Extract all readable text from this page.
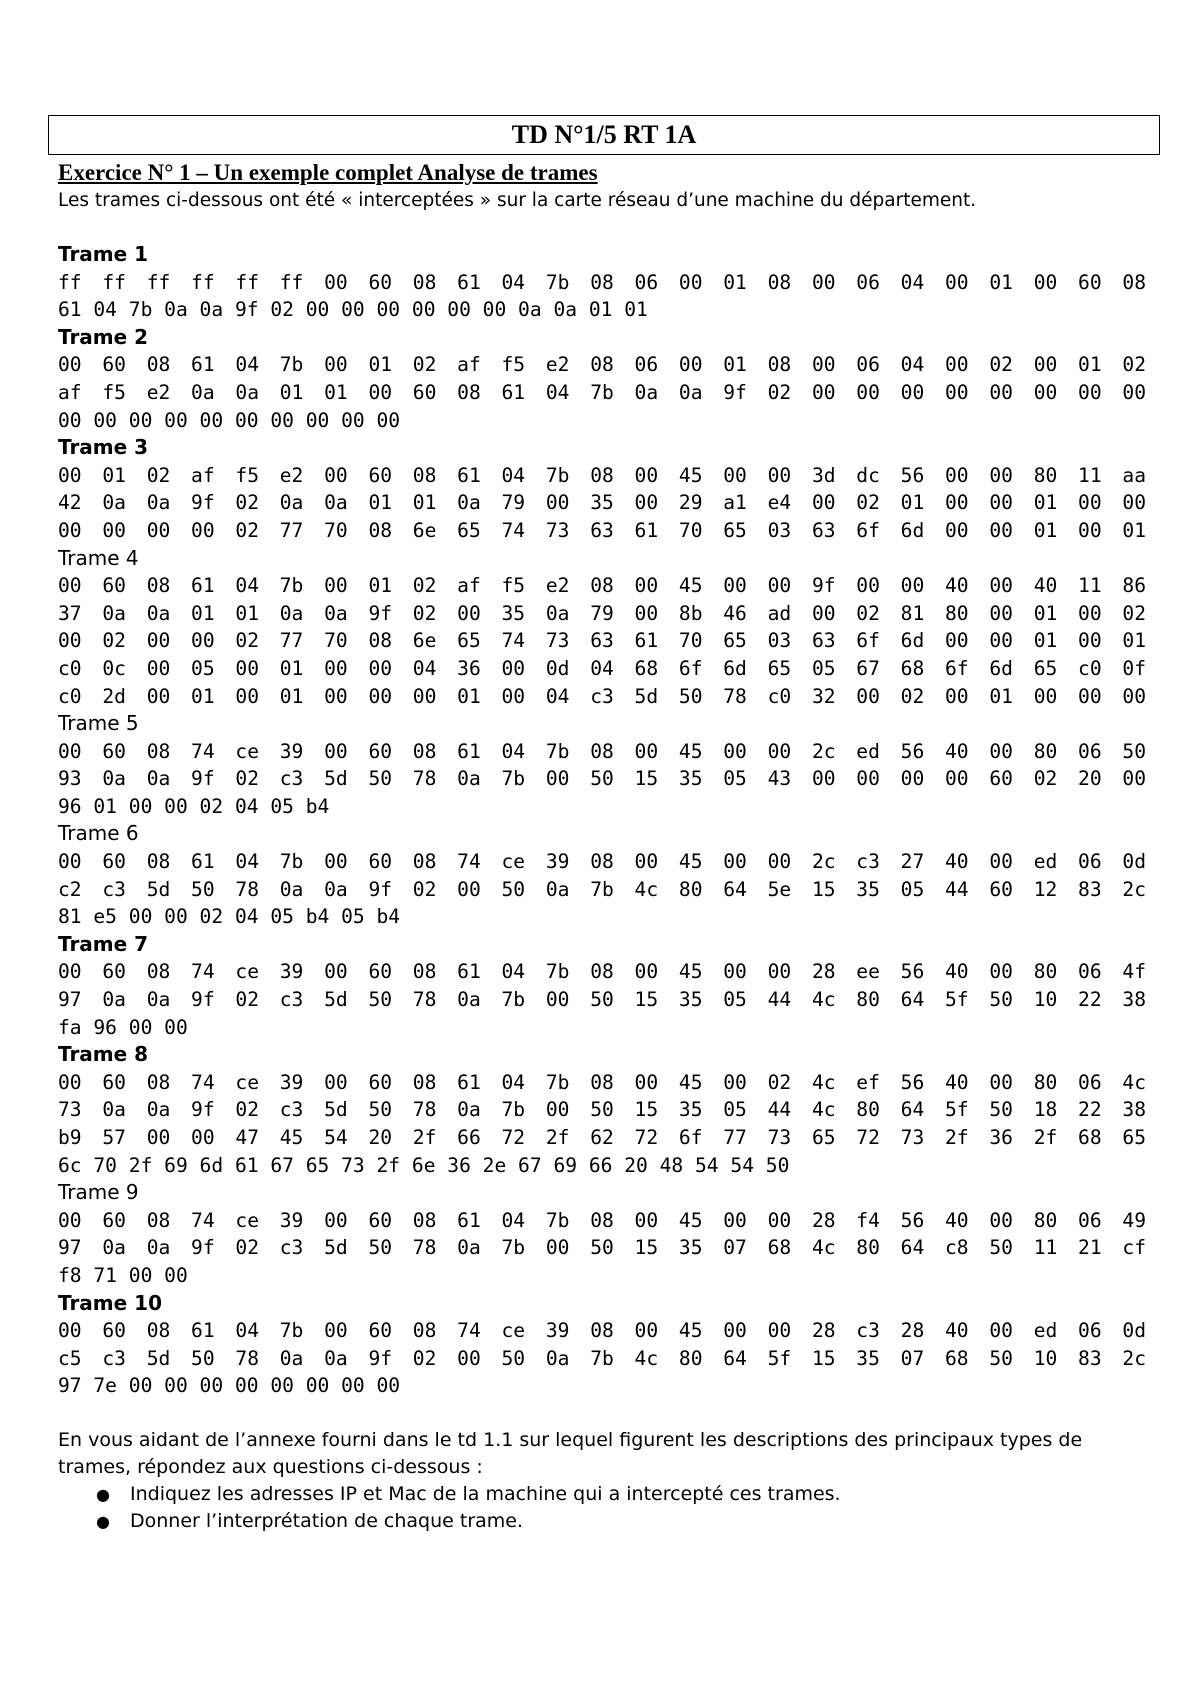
TD N°1/5 RT 1A
Exercice N° 1 – Un exemple complet Analyse de trames

Les trames ci-dessous ont été « interceptées » sur la carte réseau d’une machine du département.

Trame 1
ff ff ff ff ff ff 00 60 08 61 04 7b 08 06 00 01 08 00 06 04 00 01 00 60 08
61 04 7b 0a 0a 9f 02 00 00 00 00 00 00 0a 0a 01 01
Trame 2
00 60 08 61 04 7b 00 01 02 af f5 e2 08 06 00 01 08 00 06 04 00 02 00 01 02
af f5 e2 0a 0a 01 01 00 60 08 61 04 7b 0a 0a 9f 02 00 00 00 00 00 00 00 00
00 00 00 00 00 00 00 00 00 00
Trame 3
00 01 02 af f5 e2 00 60 08 61 04 7b 08 00 45 00 00 3d dc 56 00 00 80 11 aa
42 0a 0a 9f 02 0a 0a 01 01 0a 79 00 35 00 29 a1 e4 00 02 01 00 00 01 00 00
00 00 00 00 02 77 70 08 6e 65 74 73 63 61 70 65 03 63 6f 6d 00 00 01 00 01
Trame 4
00 60 08 61 04 7b 00 01 02 af f5 e2 08 00 45 00 00 9f 00 00 40 00 40 11 86
37 0a 0a 01 01 0a 0a 9f 02 00 35 0a 79 00 8b 46 ad 00 02 81 80 00 01 00 02
00 02 00 00 02 77 70 08 6e 65 74 73 63 61 70 65 03 63 6f 6d 00 00 01 00 01
c0 0c 00 05 00 01 00 00 04 36 00 0d 04 68 6f 6d 65 05 67 68 6f 6d 65 c0 0f
c0 2d 00 01 00 01 00 00 00 01 00 04 c3 5d 50 78 c0 32 00 02 00 01 00 00 00
Trame 5
00 60 08 74 ce 39 00 60 08 61 04 7b 08 00 45 00 00 2c ed 56 40 00 80 06 50
93 0a 0a 9f 02 c3 5d 50 78 0a 7b 00 50 15 35 05 43 00 00 00 00 60 02 20 00
96 01 00 00 02 04 05 b4
Trame 6
00 60 08 61 04 7b 00 60 08 74 ce 39 08 00 45 00 00 2c c3 27 40 00 ed 06 0d
c2 c3 5d 50 78 0a 0a 9f 02 00 50 0a 7b 4c 80 64 5e 15 35 05 44 60 12 83 2c
81 e5 00 00 02 04 05 b4 05 b4
Trame 7
00 60 08 74 ce 39 00 60 08 61 04 7b 08 00 45 00 00 28 ee 56 40 00 80 06 4f
97 0a 0a 9f 02 c3 5d 50 78 0a 7b 00 50 15 35 05 44 4c 80 64 5f 50 10 22 38
fa 96 00 00
Trame 8
00 60 08 74 ce 39 00 60 08 61 04 7b 08 00 45 00 02 4c ef 56 40 00 80 06 4c
73 0a 0a 9f 02 c3 5d 50 78 0a 7b 00 50 15 35 05 44 4c 80 64 5f 50 18 22 38
b9 57 00 00 47 45 54 20 2f 66 72 2f 62 72 6f 77 73 65 72 73 2f 36 2f 68 65
6c 70 2f 69 6d 61 67 65 73 2f 6e 36 2e 67 69 66 20 48 54 54 50
Trame 9
00 60 08 74 ce 39 00 60 08 61 04 7b 08 00 45 00 00 28 f4 56 40 00 80 06 49
97 0a 0a 9f 02 c3 5d 50 78 0a 7b 00 50 15 35 07 68 4c 80 64 c8 50 11 21 cf
f8 71 00 00
Trame 10
00 60 08 61 04 7b 00 60 08 74 ce 39 08 00 45 00 00 28 c3 28 40 00 ed 06 0d
c5 c3 5d 50 78 0a 0a 9f 02 00 50 0a 7b 4c 80 64 5f 15 35 07 68 50 10 83 2c
97 7e 00 00 00 00 00 00 00 00

En vous aidant de l’annexe fourni dans le td 1.1 sur lequel figurent les descriptions des principaux types de trames, répondez aux questions ci-dessous :

●	Indiquez les adresses IP et Mac de la machine qui a intercepté ces trames.
●	Donner l’interprétation de chaque trame.
